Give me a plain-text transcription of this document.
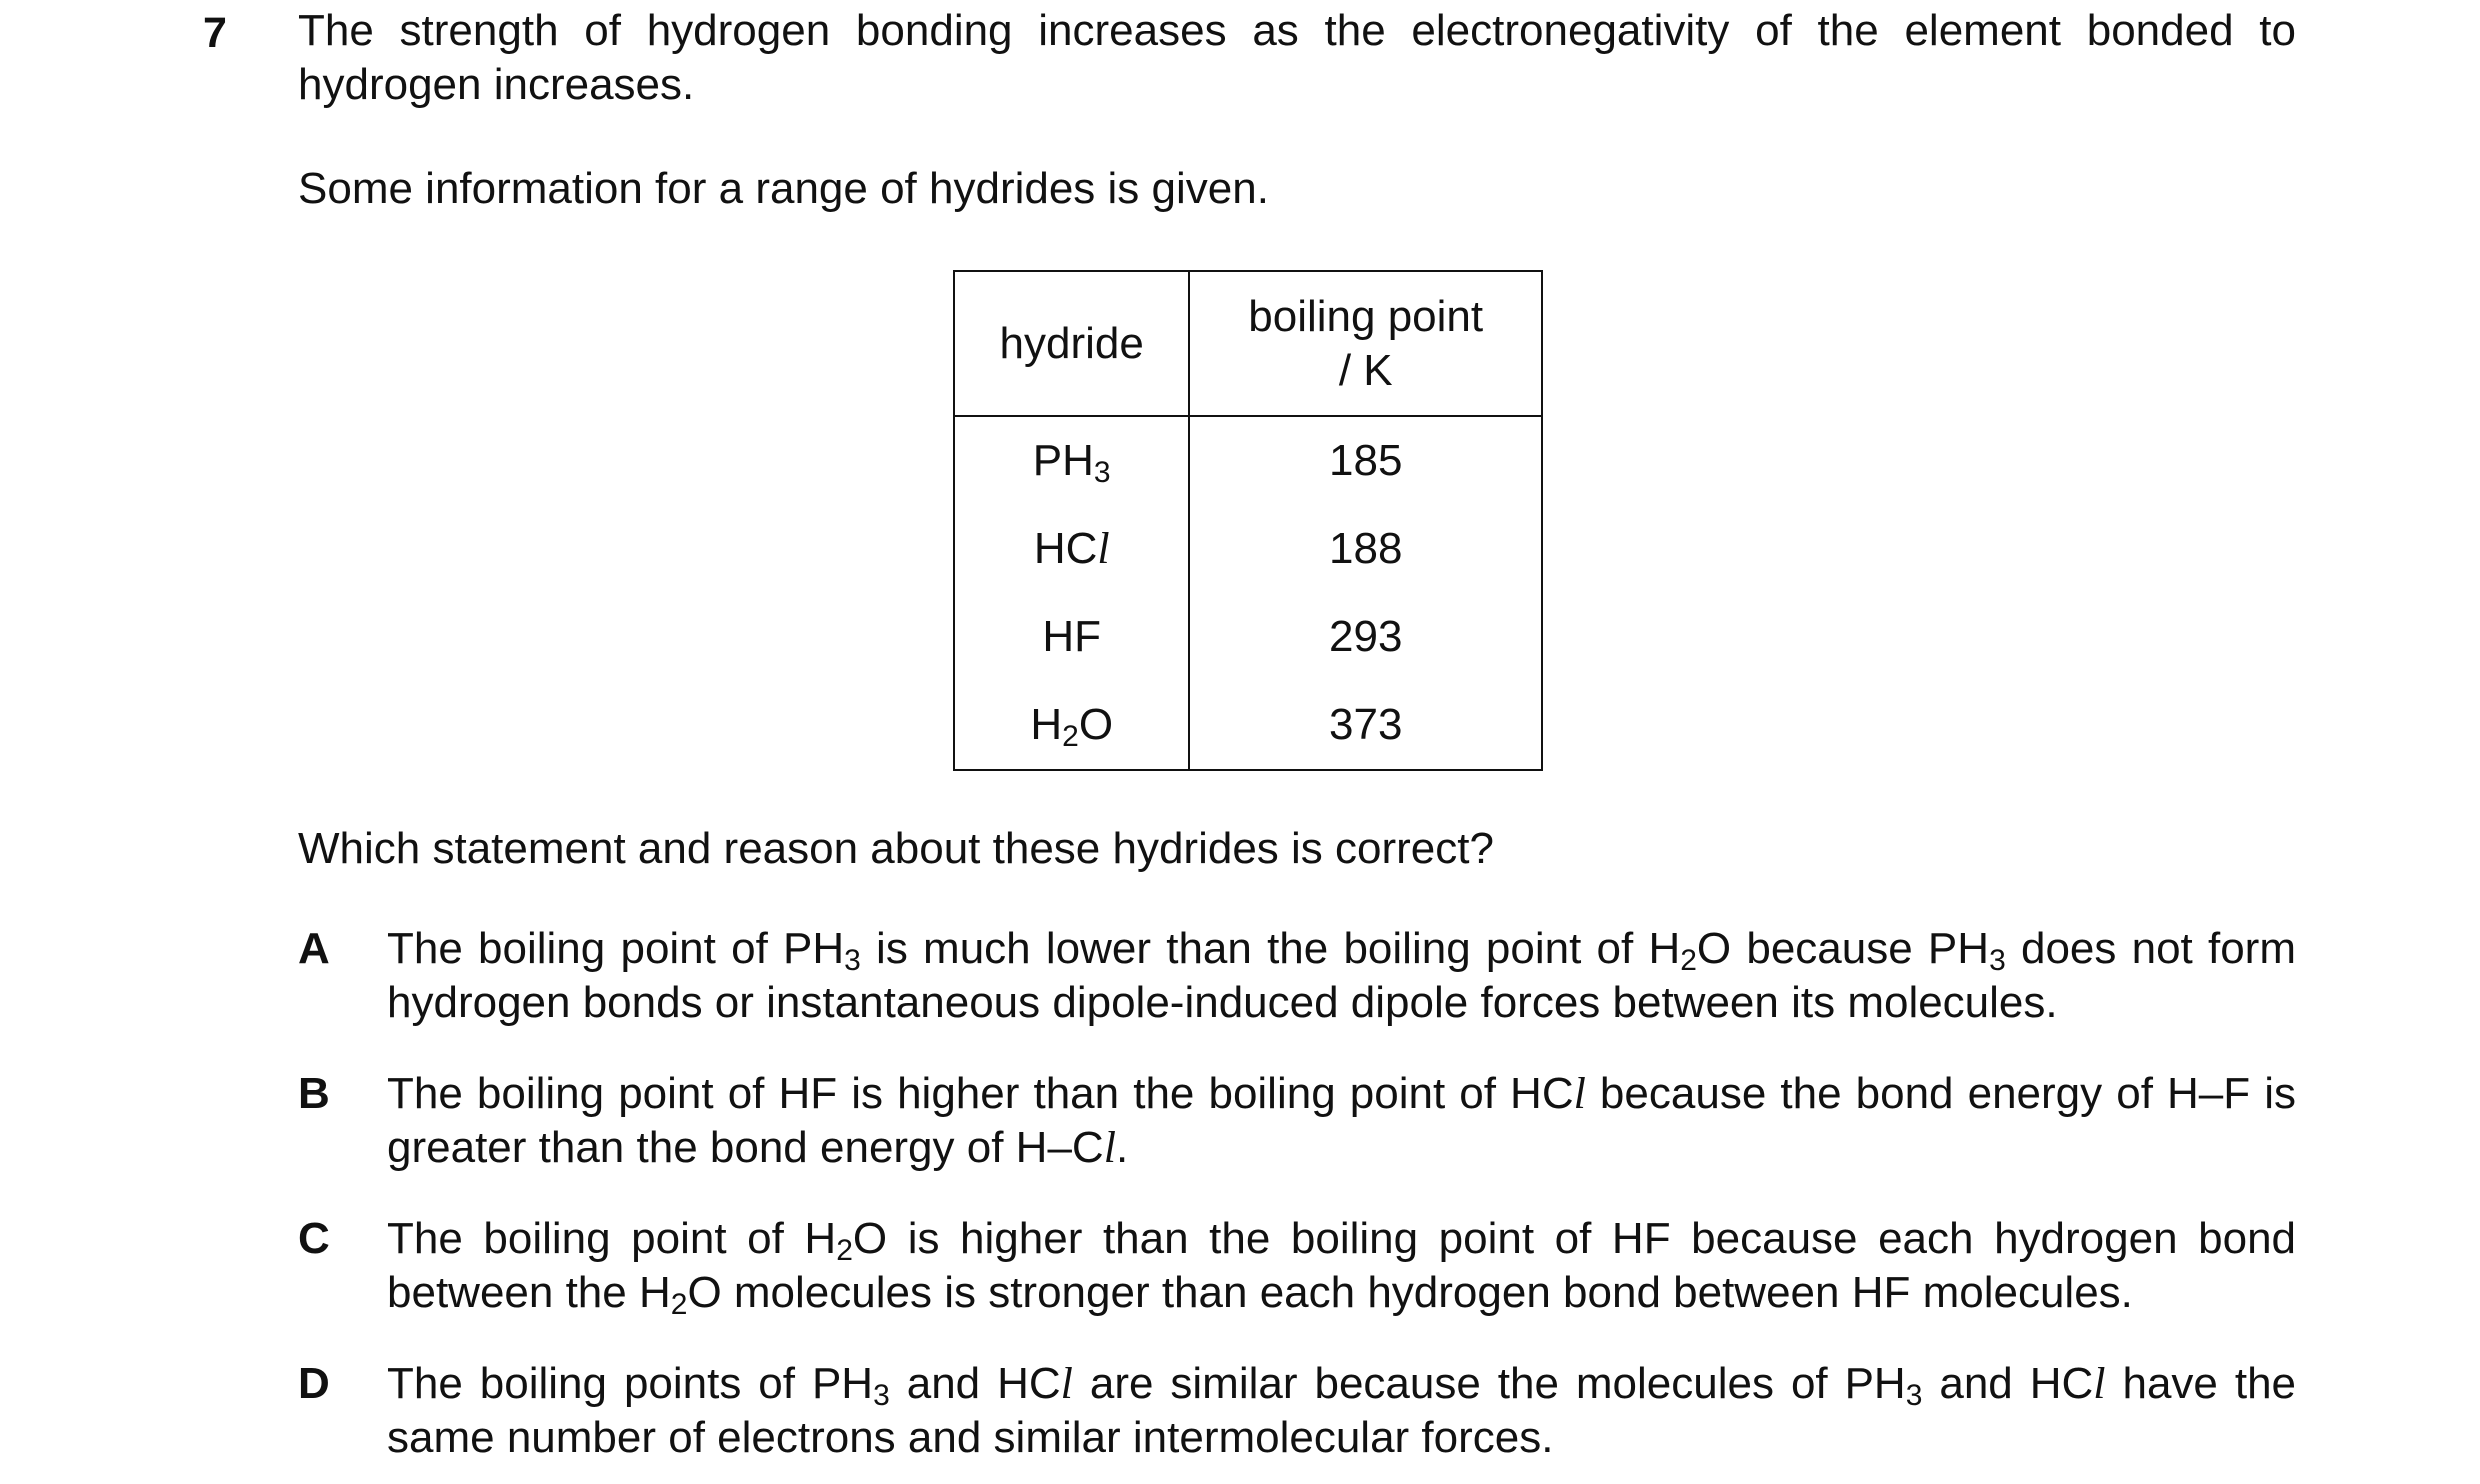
7 The strength of hydrogen bonding increases as the electronegativity of the element bonded to hydrogen increases.
Some information for a range of hydrides is given.
hydride	boiling point
/ K

$PH_3$	185
HCl	188
HF	293
$H_2O$	373
Which statement and reason about these hydrides is correct?
A The boiling point of $PH_3$ is much lower than the boiling point of $H_2O$ because $PH_3$ does not form hydrogen bonds or instantaneous dipole-induced dipole forces between its molecules.
B The boiling point of HF is higher than the boiling point of HCl because the bond energy of H–F is greater than the bond energy of H–Cl.
C The boiling point of $H_2O$ is higher than the boiling point of HF because each hydrogen bond between the $H_2O$ molecules is stronger than each hydrogen bond between HF molecules.
D The boiling points of $PH_3$ and HCl are similar because the molecules of $PH_3$ and HCl have the same number of electrons and similar intermolecular forces.
